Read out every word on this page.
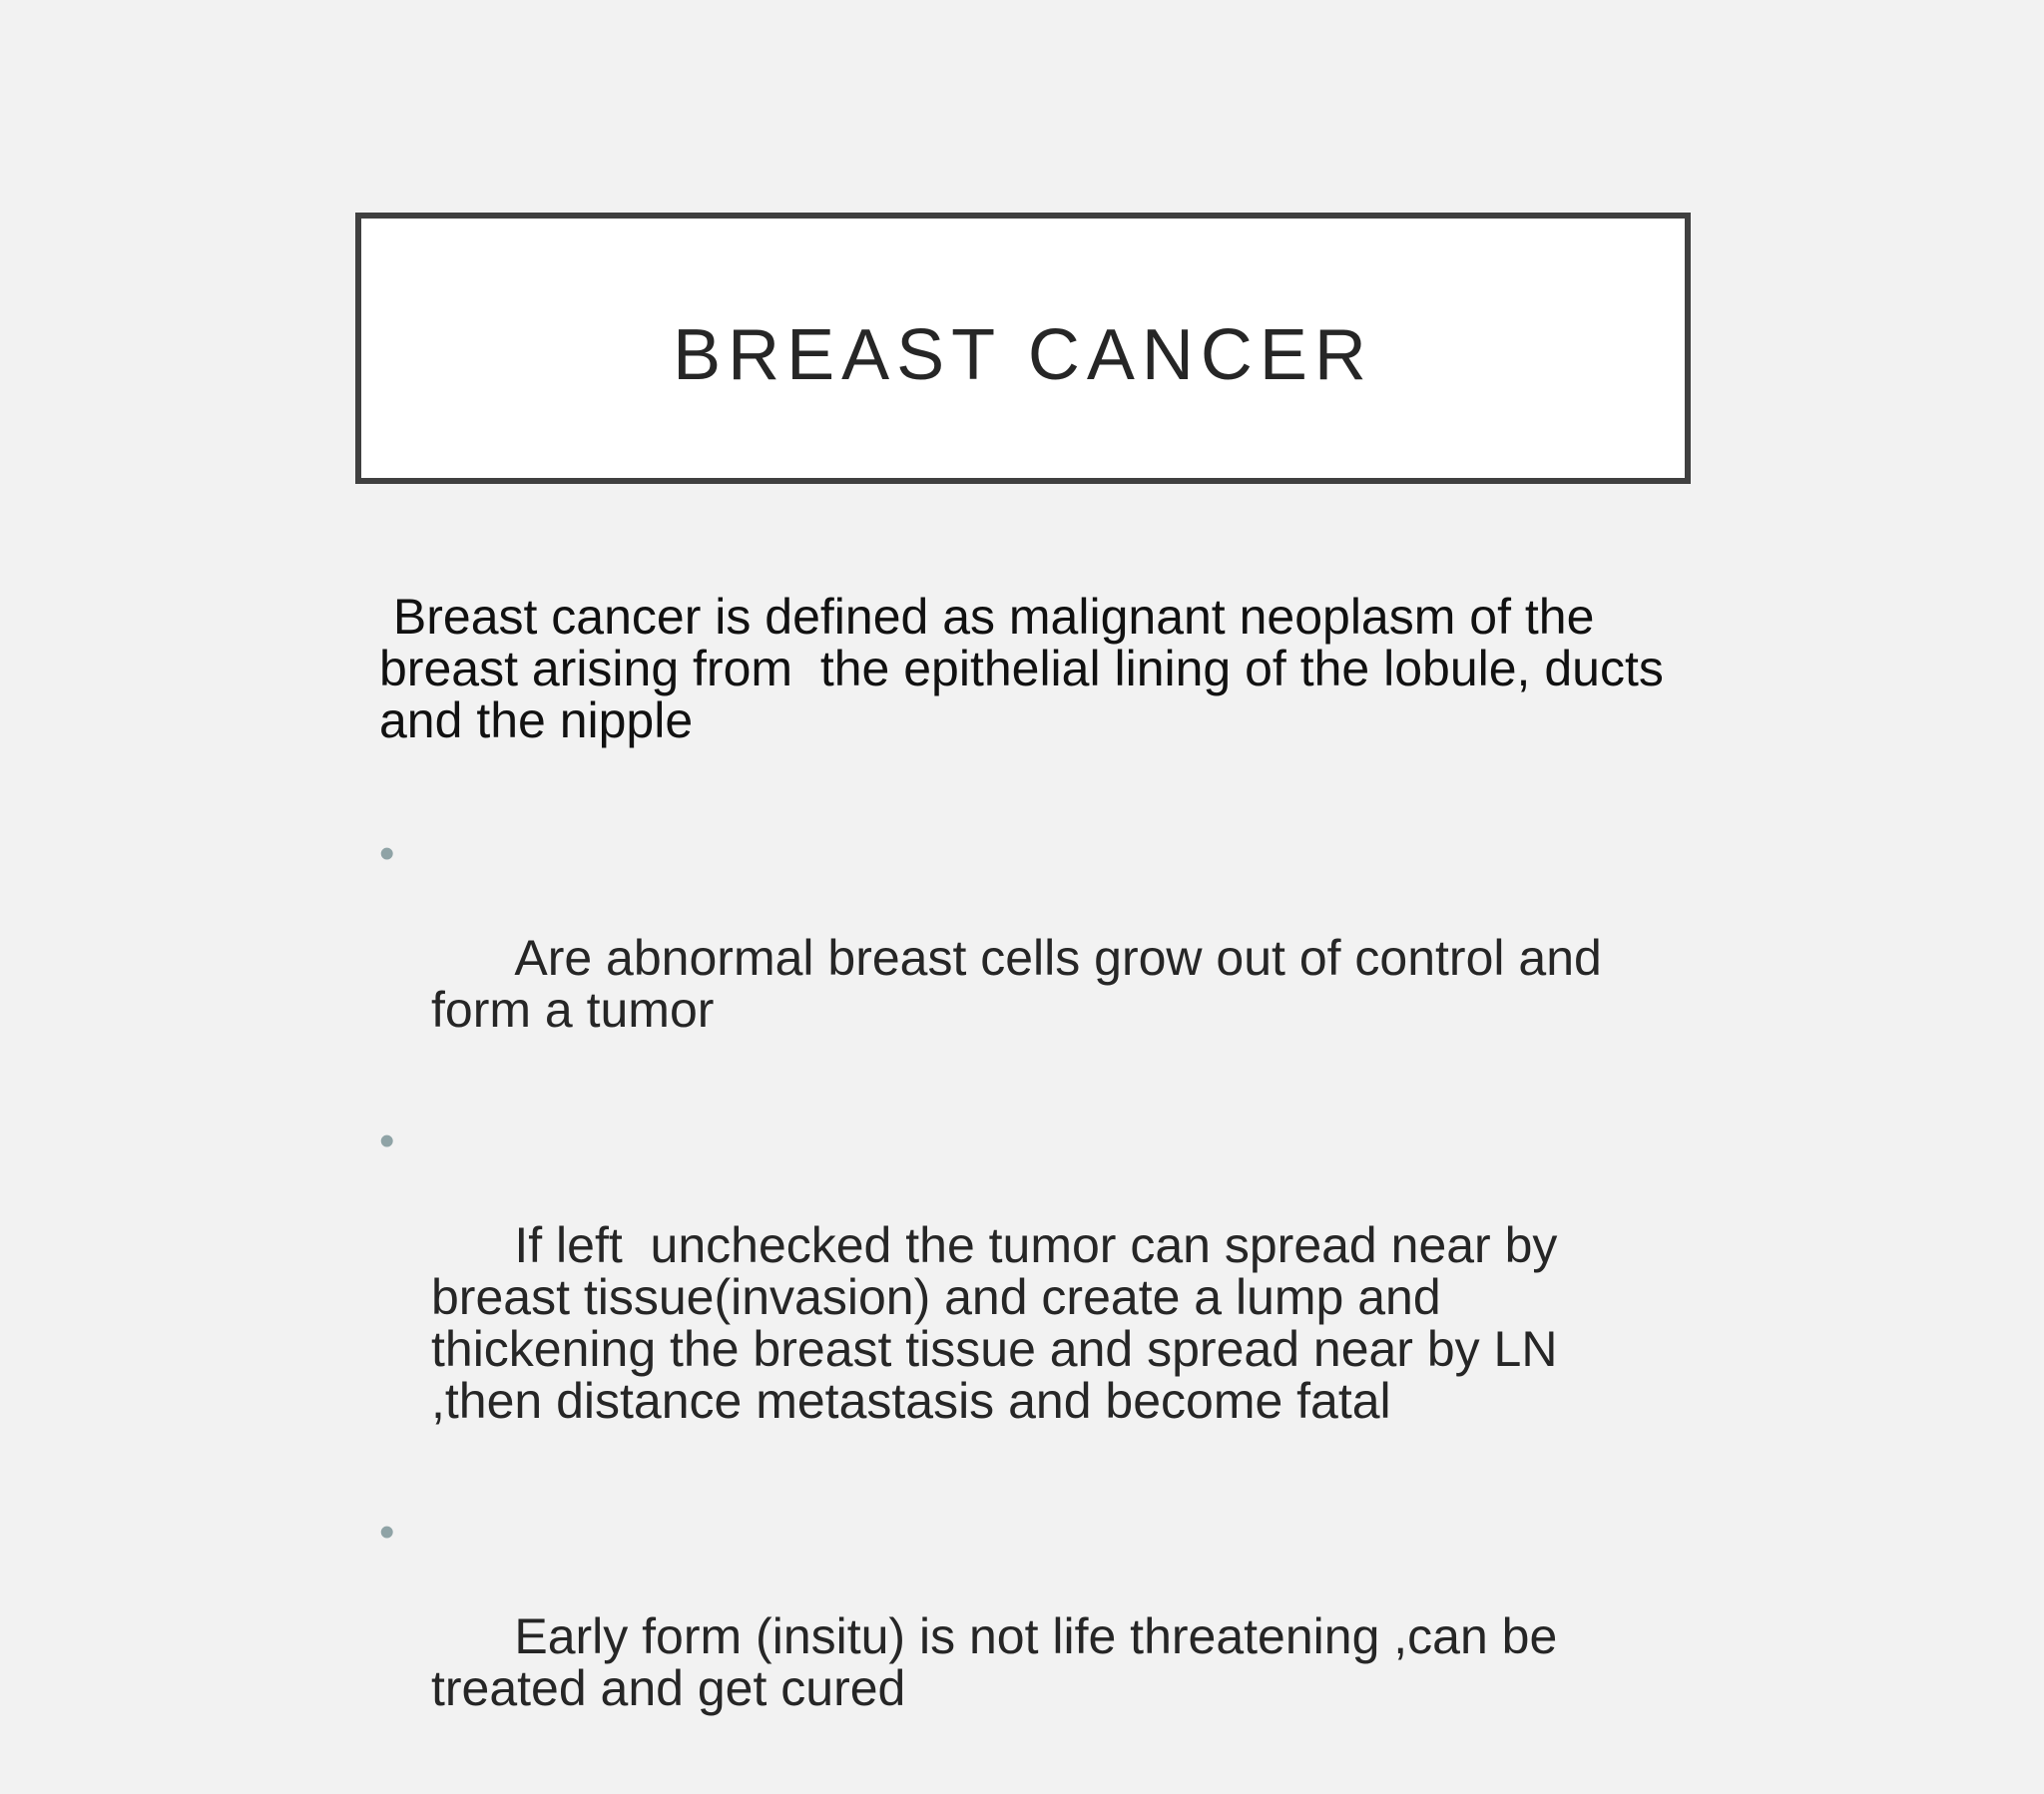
BREAST CANCER

Breast cancer is defined as malignant neoplasm of the breast arising from  the epithelial lining of the lobule, ducts and the nipple

•

Are abnormal breast cells grow out of control and form a tumor

•

If left  unchecked the tumor can spread near by breast tissue(invasion) and create a lump and thickening the breast tissue and spread near by LN ,then distance metastasis and become fatal

•

Early form (insitu) is not life threatening ,can be treated and get cured
